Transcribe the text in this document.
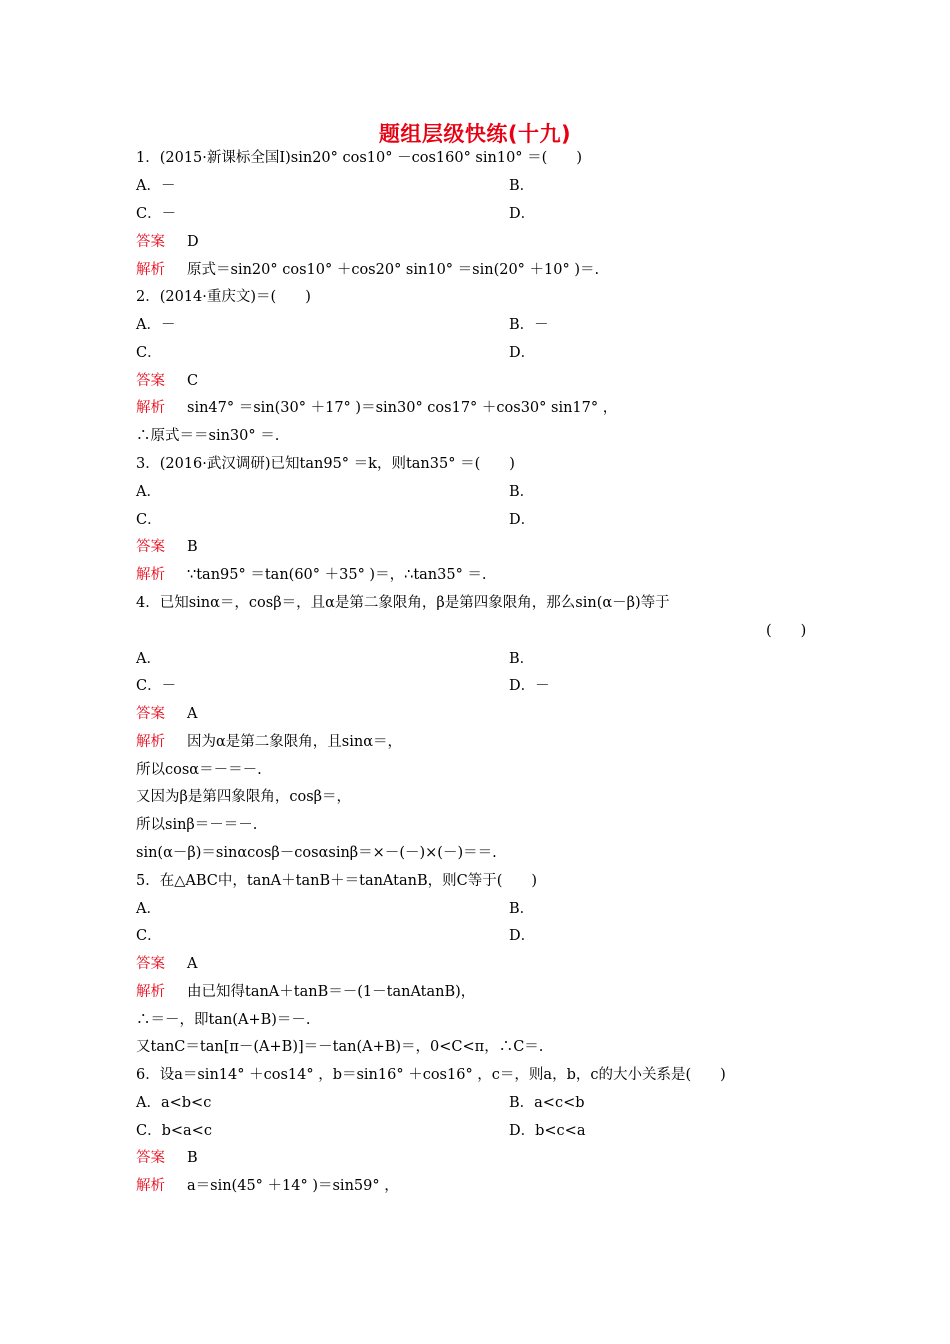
题组层级快练(十九)
1．(2015·新课标全国Ⅰ)sin20° cos10° －cos160° sin10° ＝(　　)
A．－	B．
C．－	D．
答案 D
解析 原式＝sin20° cos10° ＋cos20° sin10° ＝sin(20° ＋10° )＝.
2．(2014·重庆文)＝(　　)
A．－	B．－
C．	D．
答案 C
解析 sin47° ＝sin(30° ＋17° )＝sin30° cos17° ＋cos30° sin17° ，
∴原式＝＝sin30° ＝.
3．(2016·武汉调研)已知tan95° ＝k，则tan35° ＝(　　)
A．	B．
C．	D．
答案 B
解析 ∵tan95° ＝tan(60° ＋35° )＝，∴tan35° ＝.
4．已知sinα＝，cosβ＝，且α是第二象限角，β是第四象限角，那么sin(α－β)等于
(　　)
A．	B．
C．－	D．－
答案 A
解析 因为α是第二象限角，且sinα＝，
所以cosα＝－＝－.
又因为β是第四象限角，cosβ＝，
所以sinβ＝－＝－.
sin(α－β)＝sinαcosβ－cosαsinβ＝×－(－)×(－)＝＝.
5．在△ABC中，tanA＋tanB＋＝tanAtanB，则C等于(　　)
A．	B．
C．	D．
答案 A
解析 由已知得tanA＋tanB＝－(1－tanAtanB)，
∴＝－，即tan(A+B)＝－.
又tanC＝tan[π－(A+B)]＝－tan(A+B)＝，0<C<π，∴C＝.
6．设a＝sin14° ＋cos14° ，b＝sin16° ＋cos16° ，c＝，则a，b，c的大小关系是(　　)
A．a<b<c	B．a<c<b
C．b<a<c	D．b<c<a
答案 B
解析 a＝sin(45° ＋14° )＝sin59° ，
